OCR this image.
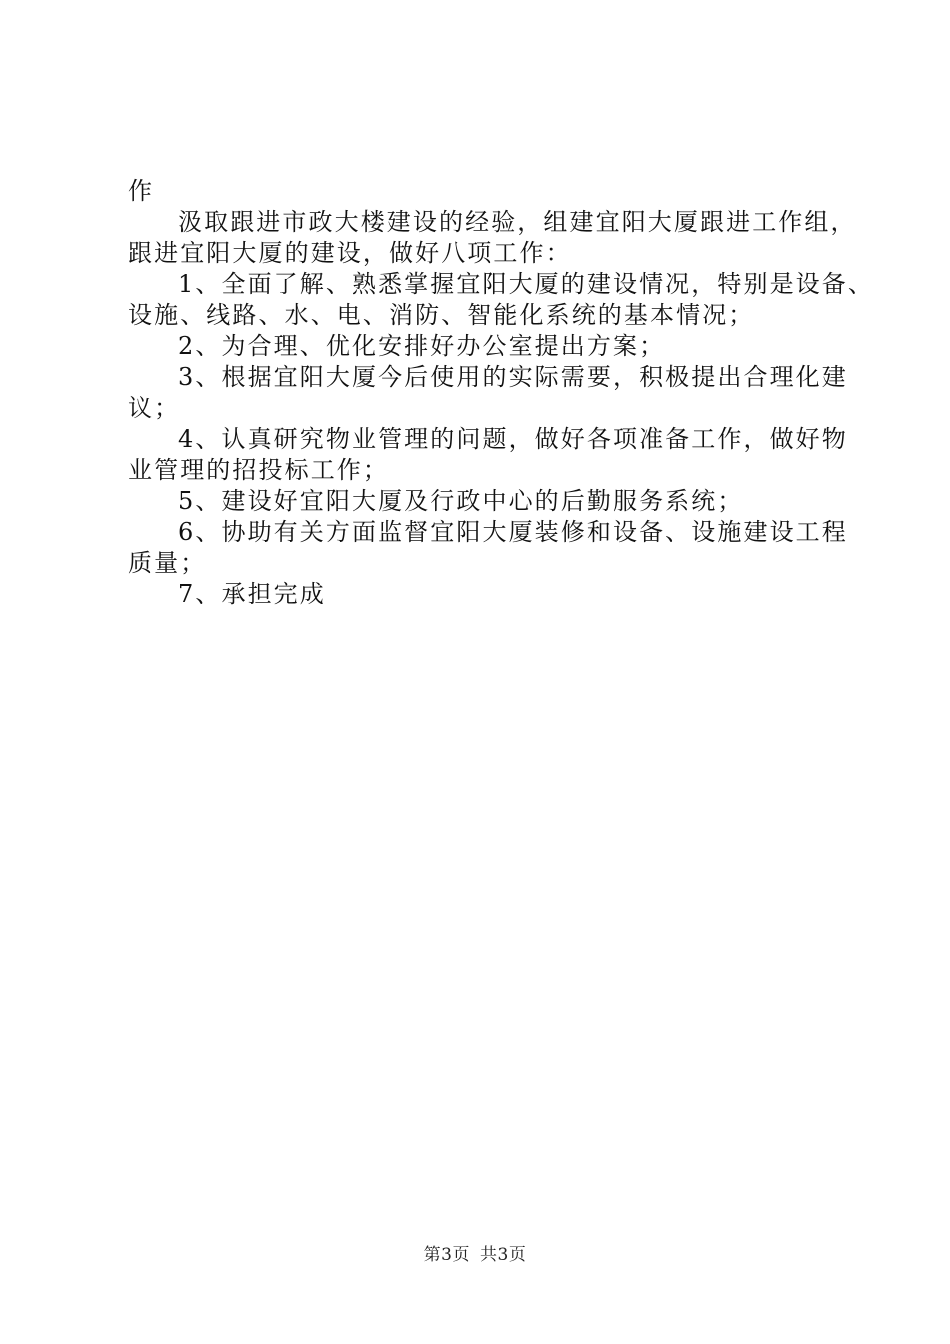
作
汲取跟进市政大楼建设的经验，组建宜阳大厦跟进工作组，
跟进宜阳大厦的建设，做好八项工作：
1、全面了解、熟悉掌握宜阳大厦的建设情况，特别是设备、
设施、线路、水、电、消防、智能化系统的基本情况；
2、为合理、优化安排好办公室提出方案；
3、根据宜阳大厦今后使用的实际需要，积极提出合理化建
议；
4、认真研究物业管理的问题，做好各项准备工作，做好物
业管理的招投标工作；
5、建设好宜阳大厦及行政中心的后勤服务系统；
6、协助有关方面监督宜阳大厦装修和设备、设施建设工程
质量；
7、承担完成
第3页 共3页
